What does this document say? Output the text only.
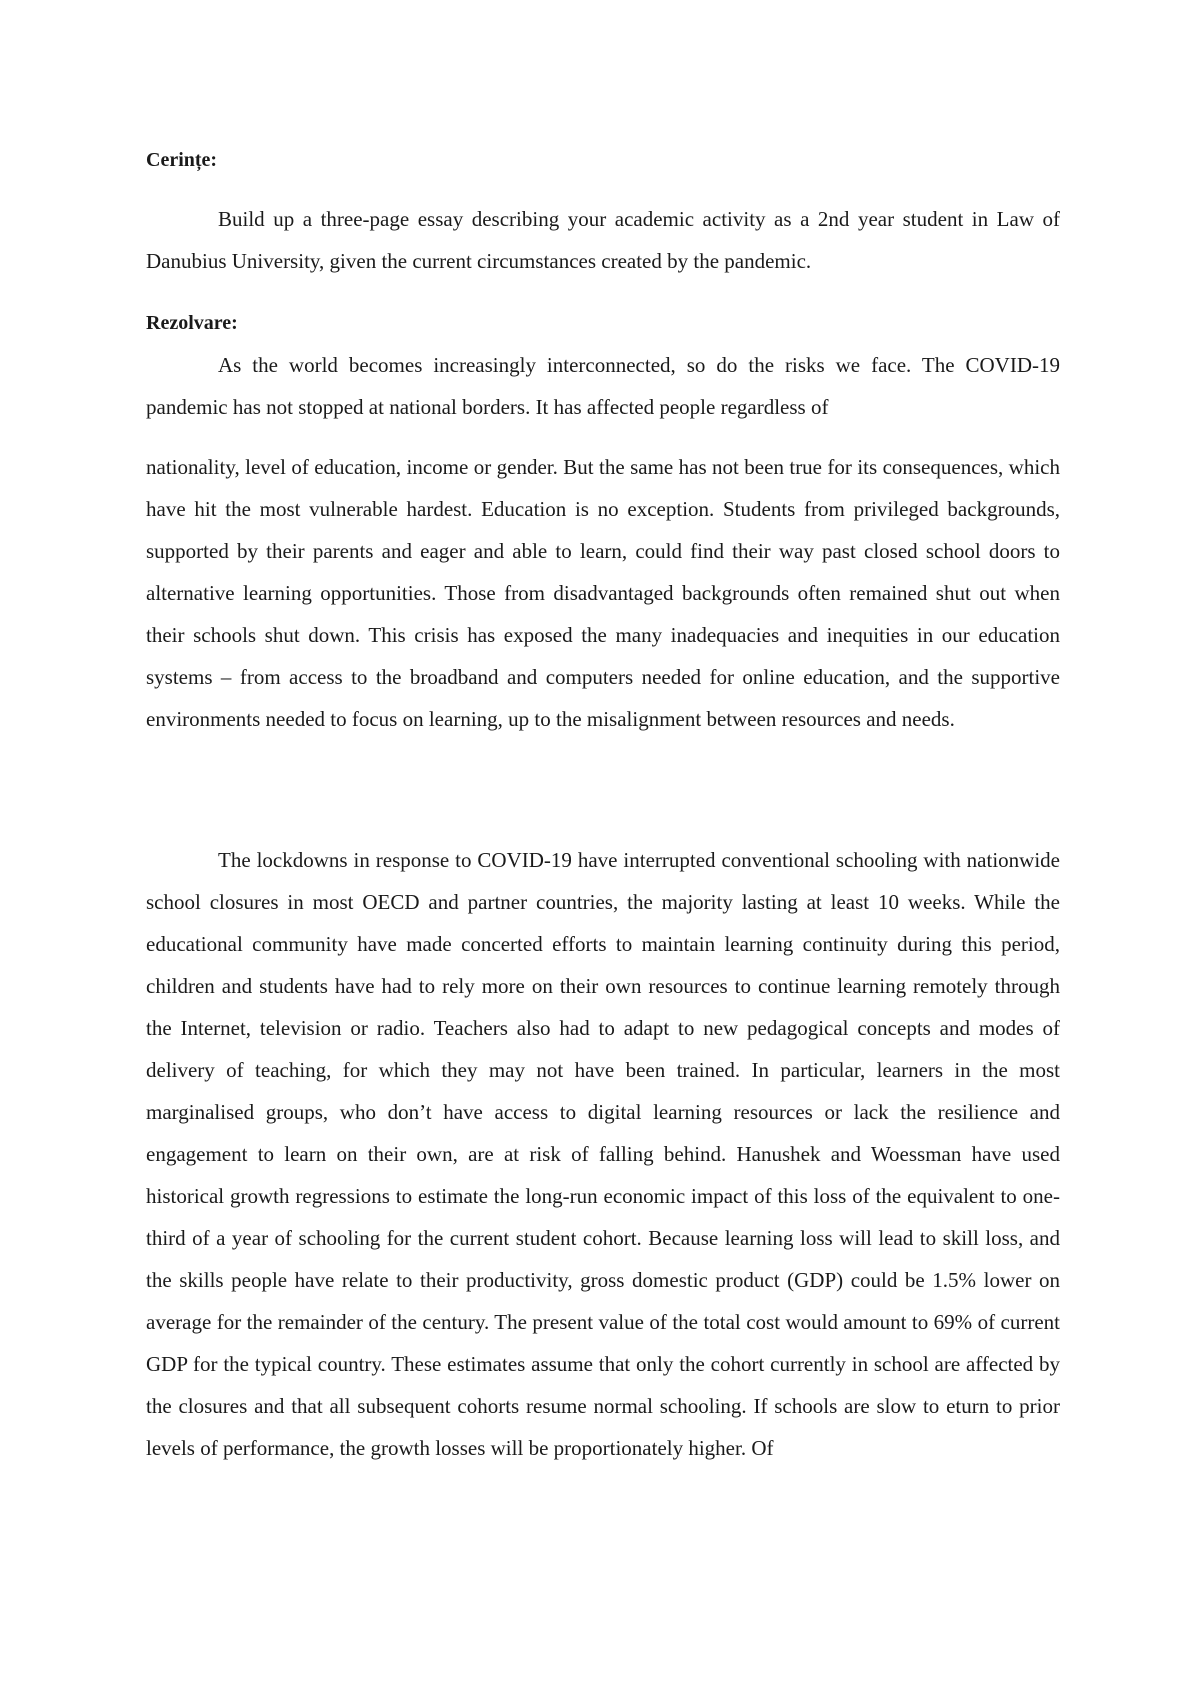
Cerințe:

Build up a three-page essay describing your academic activity as a 2nd year student in Law of Danubius University, given the current circumstances created by the pandemic.

Rezolvare:

As the world becomes increasingly interconnected, so do the risks we face. The COVID-19 pandemic has not stopped at national borders. It has affected people regardless of

nationality, level of education, income or gender. But the same has not been true for its consequences, which have hit the most vulnerable hardest. Education is no exception. Students from privileged backgrounds, supported by their parents and eager and able to learn, could find their way past closed school doors to alternative learning opportunities. Those from disadvantaged backgrounds often remained shut out when their schools shut down. This crisis has exposed the many inadequacies and inequities in our education systems – from access to the broadband and computers needed for online education, and the supportive environments needed to focus on learning, up to the misalignment between resources and needs.

The lockdowns in response to COVID-19 have interrupted conventional schooling with nationwide school closures in most OECD and partner countries, the majority lasting at least 10 weeks. While the educational community have made concerted efforts to maintain learning continuity during this period, children and students have had to rely more on their own resources to continue learning remotely through the Internet, television or radio. Teachers also had to adapt to new pedagogical concepts and modes of delivery of teaching, for which they may not have been trained. In particular, learners in the most marginalised groups, who don’t have access to digital learning resources or lack the resilience and engagement to learn on their own, are at risk of falling behind. Hanushek and Woessman have used historical growth regressions to estimate the long-run economic impact of this loss of the equivalent to one-third of a year of schooling for the current student cohort. Because learning loss will lead to skill loss, and the skills people have relate to their productivity, gross domestic product (GDP) could be 1.5% lower on average for the remainder of the century. The present value of the total cost would amount to 69% of current GDP for the typical country. These estimates assume that only the cohort currently in school are affected by the closures and that all subsequent cohorts resume normal schooling. If schools are slow to eturn to prior levels of performance, the growth losses will be proportionately higher. Of
